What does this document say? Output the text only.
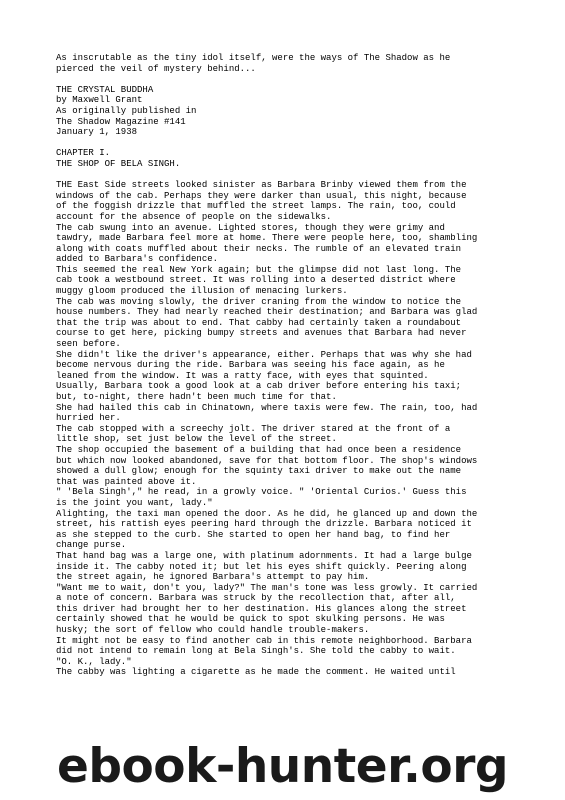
As inscrutable as the tiny idol itself, were the ways of The Shadow as he
pierced the veil of mystery behind...
THE CRYSTAL BUDDHA
by Maxwell Grant
As originally published in
The Shadow Magazine #141
January 1, 1938
CHAPTER I.
THE SHOP OF BELA SINGH.
THE East Side streets looked sinister as Barbara Brinby viewed them from the
windows of the cab. Perhaps they were darker than usual, this night, because
of the foggish drizzle that muffled the street lamps. The rain, too, could
account for the absence of people on the sidewalks.
The cab swung into an avenue. Lighted stores, though they were grimy and
tawdry, made Barbara feel more at home. There were people here, too, shambling
along with coats muffled about their necks. The rumble of an elevated train
added to Barbara's confidence.
This seemed the real New York again; but the glimpse did not last long. The
cab took a westbound street. It was rolling into a deserted district where
muggy gloom produced the illusion of menacing lurkers.
The cab was moving slowly, the driver craning from the window to notice the
house numbers. They had nearly reached their destination; and Barbara was glad
that the trip was about to end. That cabby had certainly taken a roundabout
course to get here, picking bumpy streets and avenues that Barbara had never
seen before.
She didn't like the driver's appearance, either. Perhaps that was why she had
become nervous during the ride. Barbara was seeing his face again, as he
leaned from the window. It was a ratty face, with eyes that squinted.
Usually, Barbara took a good look at a cab driver before entering his taxi;
but, to-night, there hadn't been much time for that.
She had hailed this cab in Chinatown, where taxis were few. The rain, too, had
hurried her.
The cab stopped with a screechy jolt. The driver stared at the front of a
little shop, set just below the level of the street.
The shop occupied the basement of a building that had once been a residence
but which now looked abandoned, save for that bottom floor. The shop's windows
showed a dull glow; enough for the squinty taxi driver to make out the name
that was painted above it.
" 'Bela Singh'," he read, in a growly voice. " 'Oriental Curios.' Guess this
is the joint you want, lady."
Alighting, the taxi man opened the door. As he did, he glanced up and down the
street, his rattish eyes peering hard through the drizzle. Barbara noticed it
as she stepped to the curb. She started to open her hand bag, to find her
change purse.
That hand bag was a large one, with platinum adornments. It had a large bulge
inside it. The cabby noted it; but let his eyes shift quickly. Peering along
the street again, he ignored Barbara's attempt to pay him.
"Want me to wait, don't you, lady?" The man's tone was less growly. It carried
a note of concern. Barbara was struck by the recollection that, after all,
this driver had brought her to her destination. His glances along the street
certainly showed that he would be quick to spot skulking persons. He was
husky; the sort of fellow who could handle trouble-makers.
It might not be easy to find another cab in this remote neighborhood. Barbara
did not intend to remain long at Bela Singh's. She told the cabby to wait.
"O. K., lady."
The cabby was lighting a cigarette as he made the comment. He waited until
ebook-hunter.org
